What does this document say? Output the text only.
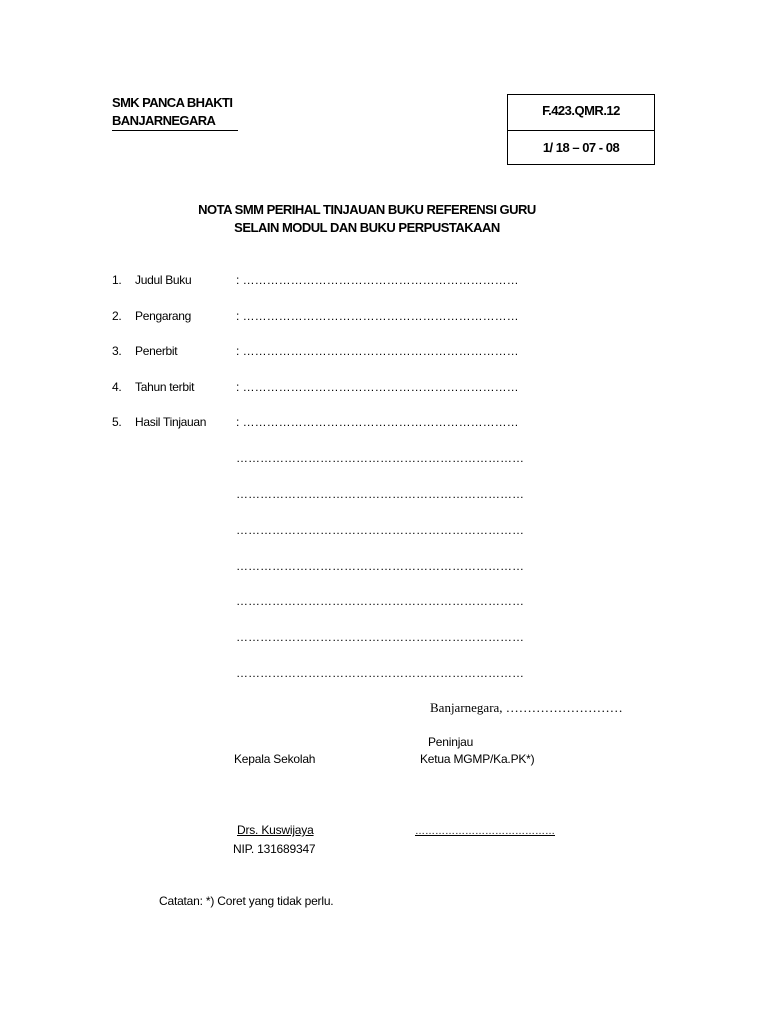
SMK PANCA BHAKTI
BANJARNEGARA
F.423.QMR.12
1/ 18 – 07 - 08
NOTA SMM PERIHAL TINJAUAN BUKU REFERENSI GURU
SELAIN MODUL DAN BUKU PERPUSTAKAAN
1. Judul Buku	: ……………………………………………………………
2. Pengarang	: ……………………………………………………………
3. Penerbit	: ……………………………………………………………
4. Tahun terbit	: ……………………………………………………………
5. Hasil Tinjauan : ……………………………………………………………
………………………………………………………………
………………………………………………………………
………………………………………………………………
………………………………………………………………
………………………………………………………………
………………………………………………………………
………………………………………………………………
Banjarnegara, ………………………
Peninjau
Ketua MGMP/Ka.PK*)
Kepala Sekolah
Drs. Kuswijaya
NIP. 131689347
……………………………………
Catatan: *) Coret yang tidak perlu.
